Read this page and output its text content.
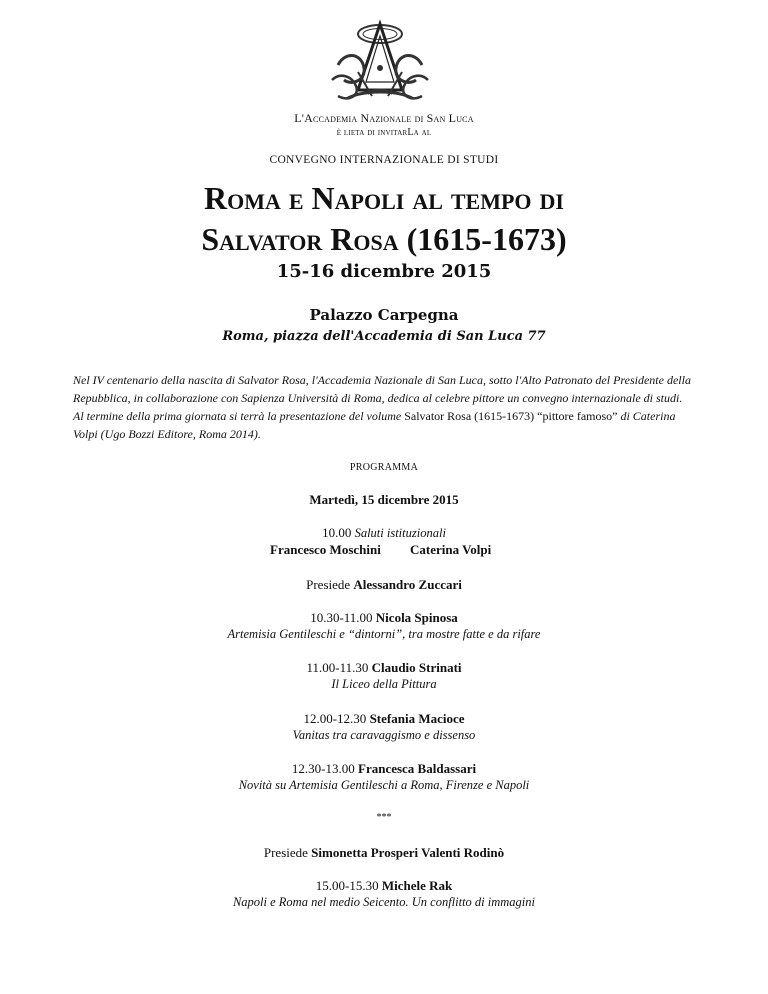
L'Accademia Nazionale di San Luca
è lieta di invitarLa al
CONVEGNO INTERNAZIONALE DI STUDI
Roma e Napoli al tempo di
Salvator Rosa (1615-1673)
15-16 dicembre 2015
Palazzo Carpegna
Roma, piazza dell'Accademia di San Luca 77
Nel IV centenario della nascita di Salvator Rosa, l'Accademia Nazionale di San Luca, sotto l'Alto Patronato del Presidente della Repubblica, in collaborazione con Sapienza Università di Roma, dedica al celebre pittore un convegno internazionale di studi.
Al termine della prima giornata si terrà la presentazione del volume Salvator Rosa (1615-1673) “pittore famoso” di Caterina Volpi (Ugo Bozzi Editore, Roma 2014).
PROGRAMMA
Martedì, 15 dicembre 2015
10.00 Saluti istituzionali
Francesco Moschini Caterina Volpi
Presiede Alessandro Zuccari
10.30-11.00 Nicola Spinosa
Artemisia Gentileschi e “dintorni”, tra mostre fatte e da rifare
11.00-11.30 Claudio Strinati
Il Liceo della Pittura
12.00-12.30 Stefania Macioce
Vanitas tra caravaggismo e dissenso
12.30-13.00 Francesca Baldassari
Novità su Artemisia Gentileschi a Roma, Firenze e Napoli
***
Presiede Simonetta Prosperi Valenti Rodinò
15.00-15.30 Michele Rak
Napoli e Roma nel medio Seicento. Un conflitto di immagini
